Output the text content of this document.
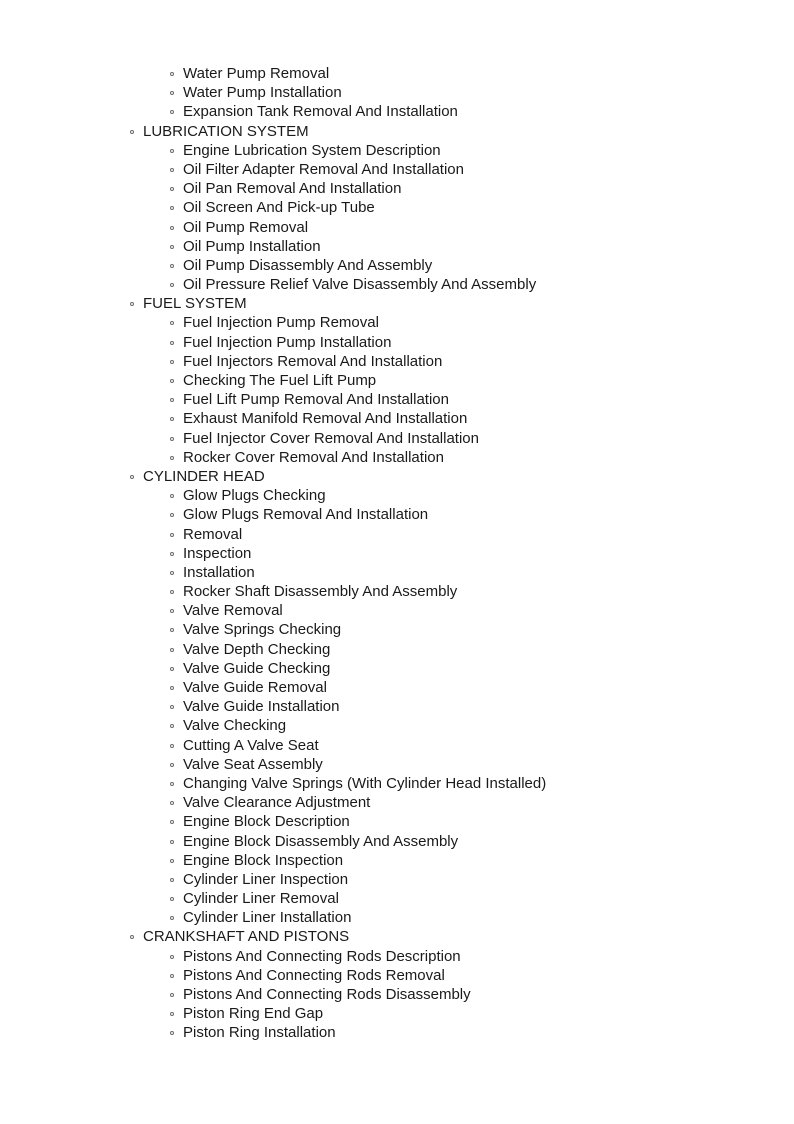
Water Pump Removal
Water Pump Installation
Expansion Tank Removal And Installation
LUBRICATION SYSTEM
Engine Lubrication System Description
Oil Filter Adapter Removal And Installation
Oil Pan Removal And Installation
Oil Screen And Pick-up Tube
Oil Pump Removal
Oil Pump Installation
Oil Pump Disassembly And Assembly
Oil Pressure Relief Valve Disassembly And Assembly
FUEL SYSTEM
Fuel Injection Pump Removal
Fuel Injection Pump Installation
Fuel Injectors Removal And Installation
Checking The Fuel Lift Pump
Fuel Lift Pump Removal And Installation
Exhaust Manifold Removal And Installation
Fuel Injector Cover Removal And Installation
Rocker Cover Removal And Installation
CYLINDER HEAD
Glow Plugs Checking
Glow Plugs Removal And Installation
Removal
Inspection
Installation
Rocker Shaft Disassembly And Assembly
Valve Removal
Valve Springs Checking
Valve Depth Checking
Valve Guide Checking
Valve Guide Removal
Valve Guide Installation
Valve Checking
Cutting A Valve Seat
Valve Seat Assembly
Changing Valve Springs (With Cylinder Head Installed)
Valve Clearance Adjustment
Engine Block Description
Engine Block Disassembly And Assembly
Engine Block Inspection
Cylinder Liner Inspection
Cylinder Liner Removal
Cylinder Liner Installation
CRANKSHAFT AND PISTONS
Pistons And Connecting Rods Description
Pistons And Connecting Rods Removal
Pistons And Connecting Rods Disassembly
Piston Ring End Gap
Piston Ring Installation
